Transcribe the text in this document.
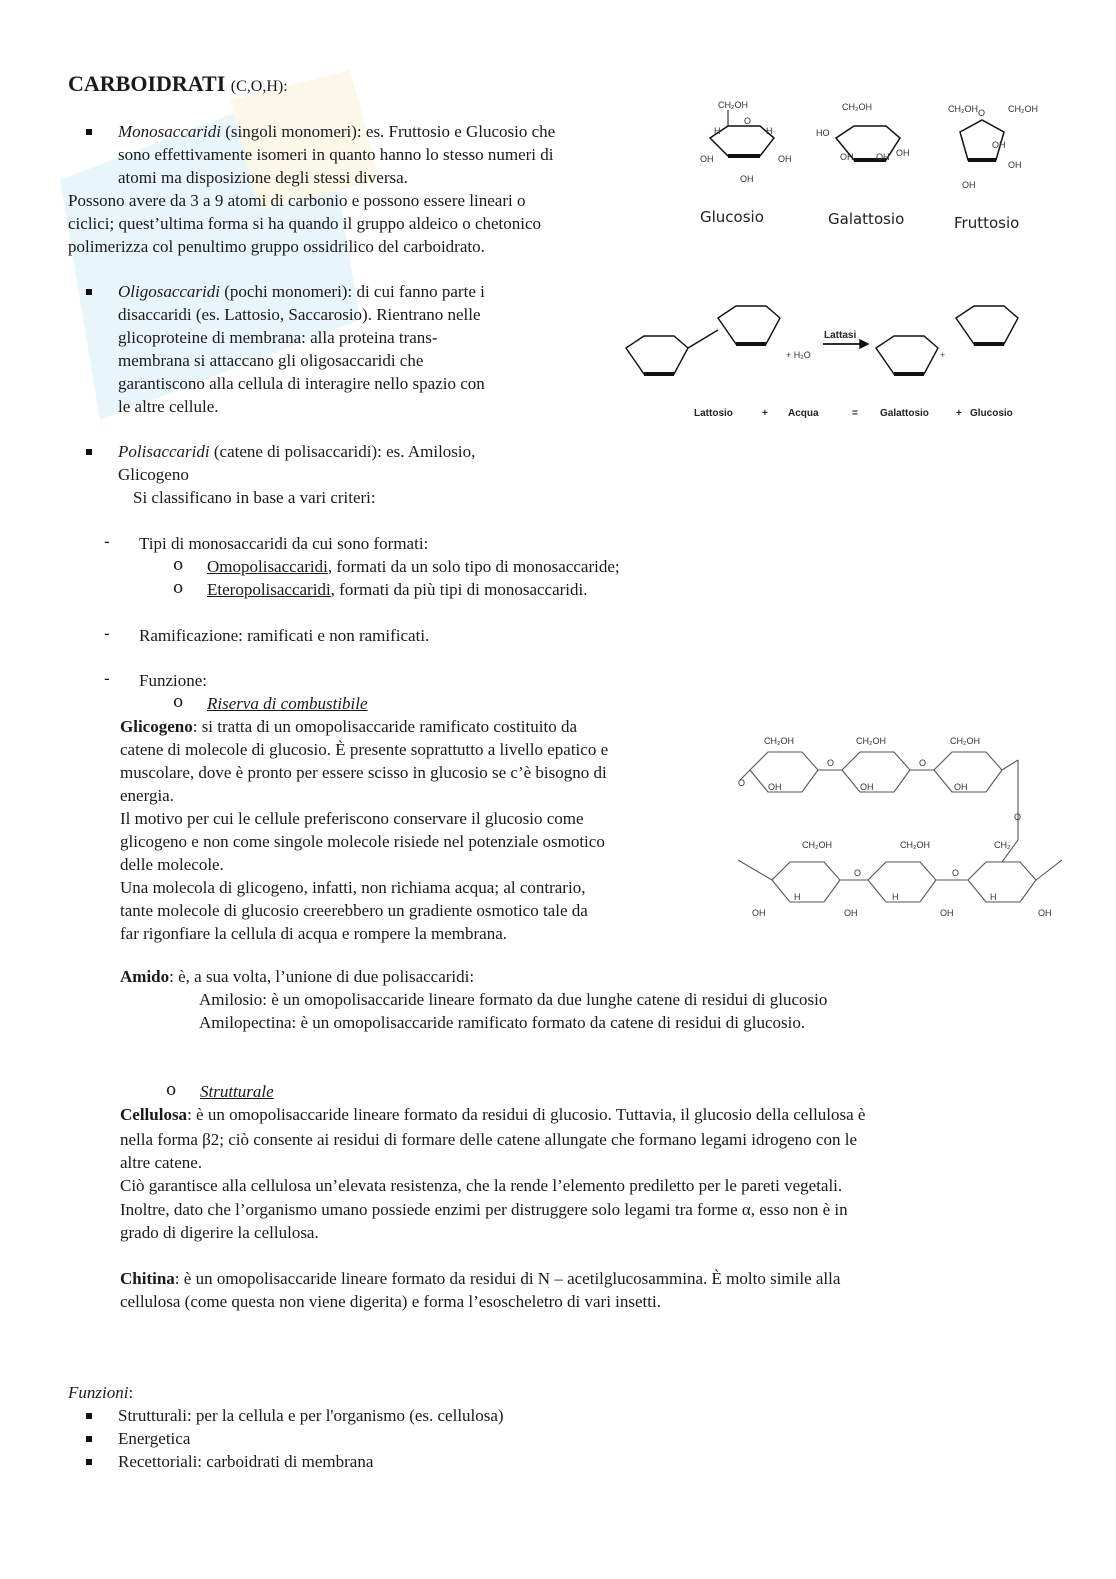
CARBOIDRATI (C,O,H):
Monosaccaridi (singoli monomeri): es. Fruttosio e Glucosio che
sono effettivamente isomeri in quanto hanno lo stesso numeri di
atomi ma disposizione degli stessi diversa.
Possono avere da 3 a 9 atomi di carbonio e possono essere lineari o
ciclici; quest’ultima forma si ha quando il gruppo aldeico o chetonico
polimerizza col penultimo gruppo ossidrilico del carboidrato.
CH₂OH
O
OH
OH
OH
H	H
Glucosio
CH₂OH
HO
OH	OH OH
Galattosio
CH₂OH	CH₂OH
O
OH
OH
OH
Fruttosio
Oligosaccaridi (pochi monomeri): di cui fanno parte i
disaccaridi (es. Lattosio, Saccarosio). Rientrano nelle
glicoproteine di membrana: alla proteina trans-
membrana si attaccano gli oligosaccaridi che
garantiscono alla cellula di interagire nello spazio con
le altre cellule.
Lattasi
+ H₂O	+
Lattosio	+ Acqua	= Galattosio	+ Glucosio
Polisaccaridi (catene di polisaccaridi): es. Amilosio,
Glicogeno
Si classificano in base a vari criteri:
- Tipi di monosaccaridi da cui sono formati:
o Omopolisaccaridi, formati da un solo tipo di monosaccaride;
o Eteropolisaccaridi, formati da più tipi di monosaccaridi.
- Ramificazione: ramificati e non ramificati.
- Funzione:
o Riserva di combustibile
Glicogeno: si tratta di un omopolisaccaride ramificato costituito da
catene di molecole di glucosio. È presente soprattutto a livello epatico e
muscolare, dove è pronto per essere scisso in glucosio se c’è bisogno di
energia.
Il motivo per cui le cellule preferiscono conservare il glucosio come
glicogeno e non come singole molecole risiede nel potenziale osmotico
delle molecole.
Una molecola di glicogeno, infatti, non richiama acqua; al contrario,
tante molecole di glucosio creerebbero un gradiente osmotico tale da
far rigonfiare la cellula di acqua e rompere la membrana.
CH₂OH	CH₂OH	CH₂OH
OH	OH	OH
O
O	O
O
CH₂OH	CH₂OH	CH₂
OH	OH	OH	OH
O	O
H	H	H
Amido: è, a sua volta, l’unione di due polisaccaridi:
Amilosio: è un omopolisaccaride lineare formato da due lunghe catene di residui di glucosio
Amilopectina: è un omopolisaccaride ramificato formato da catene di residui di glucosio.
o Strutturale
Cellulosa: è un omopolisaccaride lineare formato da residui di glucosio. Tuttavia, il glucosio della cellulosa è
nella forma β2; ciò consente ai residui di formare delle catene allungate che formano legami idrogeno con le
altre catene.
Ciò garantisce alla cellulosa un’elevata resistenza, che la rende l’elemento prediletto per le pareti vegetali.
Inoltre, dato che l’organismo umano possiede enzimi per distruggere solo legami tra forme α, esso non è in
grado di digerire la cellulosa.
Chitina: è un omopolisaccaride lineare formato da residui di N – acetilglucosammina. È molto simile alla
cellulosa (come questa non viene digerita) e forma l’esoscheletro di vari insetti.
Funzioni:
Strutturali: per la cellula e per l'organismo (es. cellulosa)
Energetica
Recettoriali: carboidrati di membrana
